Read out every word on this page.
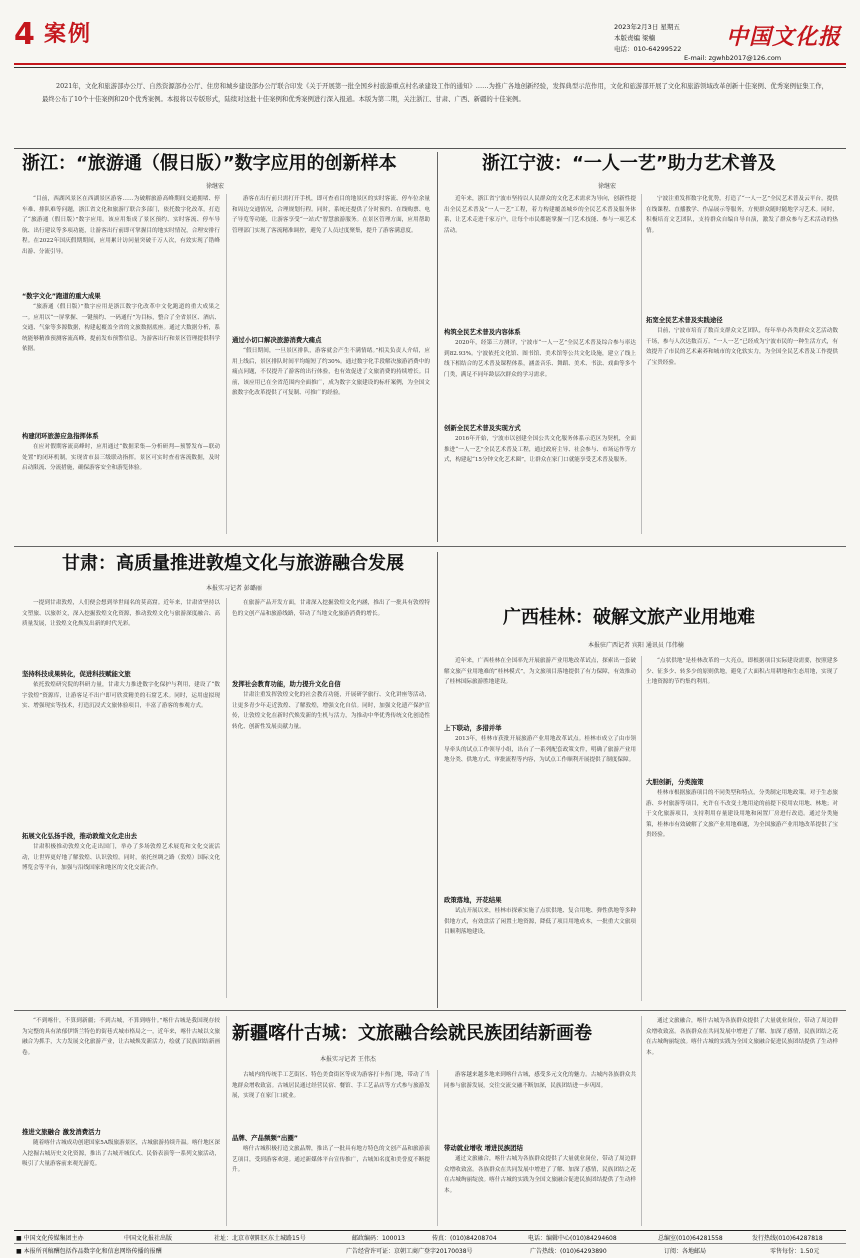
4 案例	2023年2月3日 星期五
本版责编 梁楠
电话：010-64299522
E-mail: zgwhb2017@126.com
中国文化报
2021年，文化和旅游部办公厅、自然资源部办公厅、住房和城乡建设部办公厅联合印发《关于开展第一批全国乡村旅游重点村名录建设工作的通知》……为推广各地创新经验，发挥典型示范作用，文化和旅游部开展了文化和旅游领域改革创新十佳案例、优秀案例征集工作，最终公布了10个十佳案例和20个优秀案例。本报将以专版形式，陆续对这批十佳案例和优秀案例进行深入报道。本版为第二期，关注浙江、甘肃、广西、新疆的十佳案例。
浙江：“旅游通（假日版）”数字应用的创新样本
徐继宏
“目前，西湖风景区在西湖景区游客……为破解旅游高峰期间交通拥堵、停车难、排队难等问题，浙江省文化和旅游厅联合多部门，依托数字化改革，打造了“旅游通（假日版）”数字应用。该应用集成了景区预约、实时客流、停车导航、出行建议等多项功能，让游客出行前即可掌握目的地实时情况，合理安排行程。在2022年国庆假期期间，应用累计访问量突破千万人次，有效实现了错峰出游、分流引导。
“数字文化”跑道的重大成果
“旅游通（假日版）”数字应用是浙江数字化改革中文化跑道的重大成果之一。应用以“一屏掌握、一键预约、一码通行”为目标，整合了全省景区、酒店、交通、气象等多源数据，构建起覆盖全省的文旅数据底座。通过大数据分析，系统能够精准预测客流高峰，提前发布预警信息，为游客出行和景区管理提供科学依据。
构建闭环旅游应急指挥体系
在应对假期客流高峰时，应用通过“数据采集—分析研判—预警发布—联动处置”的闭环机制，实现省市县三级联动指挥。景区可实时查看客流数据，及时启动限流、分流措施，确保游客安全和游览体验。
游客在出行前只需打开手机，即可查看目的地景区的实时客流、停车位余量和周边交通情况，合理规划行程。同时，系统还提供了分时预约、在线购票、电子导览等功能，让游客享受“一站式”智慧旅游服务。在景区管理方面，应用帮助管理部门实现了客流精准调控，避免了人员过度聚集，提升了游客满意度。
通过小切口解决旅游消费大痛点
“假日期间，一旦景区排队，游客就会产生不满情绪。”相关负责人介绍，应用上线后，景区排队时间平均缩短了约30%。通过数字化手段解决旅游消费中的痛点问题，不仅提升了游客的出行体验，也有效促进了文旅消费的持续增长。目前，该应用已在全省范围内全面推广，成为数字文旅建设的标杆案例，为全国文旅数字化改革提供了可复制、可推广的经验。
浙江宁波：“一人一艺”助力艺术普及
徐继宏
近年来，浙江省宁波市坚持以人民群众的文化艺术需求为导向，创新性提出全民艺术普及“一人一艺”工程，着力构建覆盖城乡的全民艺术普及服务体系，让艺术走进千家万户，让每个市民都能掌握一门艺术技能、参与一项艺术活动。
构筑全民艺术普及内容体系
2020年，经第三方测评，宁波市“一人一艺”全民艺术普及综合参与率达到82.93%。宁波依托文化馆、图书馆、美术馆等公共文化设施，建立了线上线下相结合的艺术普及课程体系，涵盖音乐、舞蹈、美术、书法、戏曲等多个门类，满足不同年龄层次群众的学习需求。
创新全民艺术普及实现方式
2016年开始，宁波市以创建全国公共文化服务体系示范区为契机，全面推进“一人一艺”全民艺术普及工程，通过政府主导、社会参与、市场运作等方式，构建起“15分钟文化艺术圈”，让群众在家门口就能享受艺术普及服务。
宁波注重发挥数字化优势，打造了“一人一艺”全民艺术普及云平台，提供在线课程、直播教学、作品展示等服务，方便群众随时随地学习艺术。同时，积极培育文艺团队，支持群众自编自导自演，激发了群众参与艺术活动的热情。
拓宽全民艺术普及实践途径
目前，宁波市培育了数百支群众文艺团队，每年举办各类群众文艺活动数千场，参与人次达数百万。“一人一艺”已经成为宁波市民的一种生活方式，有效提升了市民的艺术素养和城市的文化软实力，为全国全民艺术普及工作提供了宝贵经验。
甘肃：高质量推进敦煌文化与旅游融合发展
本报实习记者 彭璐丽
一提到甘肃敦煌，人们便会想到举世闻名的莫高窟。近年来，甘肃省坚持以文塑旅、以旅彰文，深入挖掘敦煌文化资源，推动敦煌文化与旅游深度融合、高质量发展，让敦煌文化焕发出新的时代光彩。
坚持科技成果转化，促进科技赋能文旅
依托敦煌研究院的科研力量，甘肃大力推进数字化保护与利用，建设了“数字敦煌”资源库，让游客足不出户即可欣赏精美的石窟艺术。同时，运用虚拟现实、增强现实等技术，打造沉浸式文旅体验项目，丰富了游客的参观方式。
拓展文化弘扬手段，推动敦煌文化走出去
甘肃积极推动敦煌文化走出国门，举办了多场敦煌艺术展览和文化交流活动，让世界更好地了解敦煌、认识敦煌。同时，依托丝绸之路（敦煌）国际文化博览会等平台，加强与沿线国家和地区的文化交流合作。
在旅游产品开发方面，甘肃深入挖掘敦煌文化内涵，推出了一批具有敦煌特色的文创产品和旅游线路，带动了当地文化旅游消费的增长。
发挥社会教育功能，助力提升文化自信
甘肃注重发挥敦煌文化的社会教育功能，开展研学旅行、文化讲座等活动，让更多青少年走近敦煌、了解敦煌，增强文化自信。同时，加强文化遗产保护宣传，让敦煌文化在新时代焕发新的生机与活力，为推动中华优秀传统文化创造性转化、创新性发展贡献力量。
广西桂林：破解文旅产业用地难
本报驻广西记者 宾阳 通讯员 邝伟楠
近年来，广西桂林在全国率先开展旅游产业用地改革试点，探索出一套破解文旅产业用地难的“桂林模式”，为文旅项目落地提供了有力保障，有效推动了桂林国际旅游胜地建设。
上下联动，多措并举
2013年，桂林市获批开展旅游产业用地改革试点。桂林市成立了由市领导牵头的试点工作领导小组，出台了一系列配套政策文件，明确了旅游产业用地分类、供地方式、审批流程等内容，为试点工作顺利开展提供了制度保障。
政策落地，开花结果
试点开展以来，桂林市探索实施了点状供地、复合用地、弹性供地等多种供地方式，有效盘活了闲置土地资源，降低了项目用地成本，一批重大文旅项目顺利落地建设。
“点状供地”是桂林改革的一大亮点，即根据项目实际建设需要，按照建多少、征多少、转多少的原则供地，避免了大面积占用耕地和生态用地，实现了土地资源的节约集约利用。
大胆创新，分类施策
桂林市根据旅游项目的不同类型和特点，分类制定用地政策。对于生态旅游、乡村旅游等项目，允许在不改变土地用途的前提下使用农用地、林地；对于文化旅游项目，支持利用存量建设用地和闲置厂房进行改造。通过分类施策，桂林市有效破解了文旅产业用地难题，为全国旅游产业用地改革提供了宝贵经验。
“不到喀什，不算到新疆；不到古城，不算到喀什。”喀什古城是我国现存较为完整的具有浓郁伊斯兰特色的街巷式城市格局之一，近年来，喀什古城以文旅融合为抓手，大力发展文化旅游产业，让古城焕发新活力，绘就了民族团结新画卷。
推进文旅融合 激发消费活力
随着喀什古城成功创建国家5A级旅游景区，古城旅游持续升温。喀什地区深入挖掘古城历史文化资源，推出了古城开城仪式、民俗表演等一系列文旅活动，吸引了大量游客前来观光游览。
新疆喀什古城：文旅融合绘就民族团结新画卷
本报实习记者 王伟杰
古城内的传统手工艺街区、特色美食街区等成为游客打卡热门地，带动了当地群众增收致富。古城居民通过经营民宿、餐馆、手工艺品店等方式参与旅游发展，实现了在家门口就业。
品牌、产品频频“出圈”
喀什古城积极打造文旅品牌，推出了一批具有地方特色的文创产品和旅游演艺项目，受到游客欢迎。通过新媒体平台宣传推广，古城知名度和美誉度不断提升。
游客越来越多地来到喀什古城，感受多元文化的魅力。古城内各族群众共同参与旅游发展，交往交流交融不断加深，民族团结进一步巩固。
带动就业增收 增进民族团结
通过文旅融合，喀什古城为各族群众提供了大量就业岗位，带动了周边群众增收致富。各族群众在共同发展中增进了了解、加深了感情，民族团结之花在古城绚丽绽放。喀什古城的实践为全国文旅融合促进民族团结提供了生动样本。
通过文旅融合，喀什古城为各族群众提供了大量就业岗位，带动了周边群众增收致富。各族群众在共同发展中增进了了解、加深了感情，民族团结之花在古城绚丽绽放。喀什古城的实践为全国文旅融合促进民族团结提供了生动样本。
■ 中国文化传媒集团主办	中国文化报社出版	社址：北京市朝阳区东土城路15号	邮政编码：100013	传真：(010)84208704	电话：编辑中心(010)84294608	总编室(010)64281558	发行热线(010)64287818
■ 本报所刊稿酬包括作品数字化和信息网络传播的报酬	广告经营许可证：京朝工商广登字20170038号	广告热线：(010)64293890	订阅：各地邮局	零售每份：1.50元
